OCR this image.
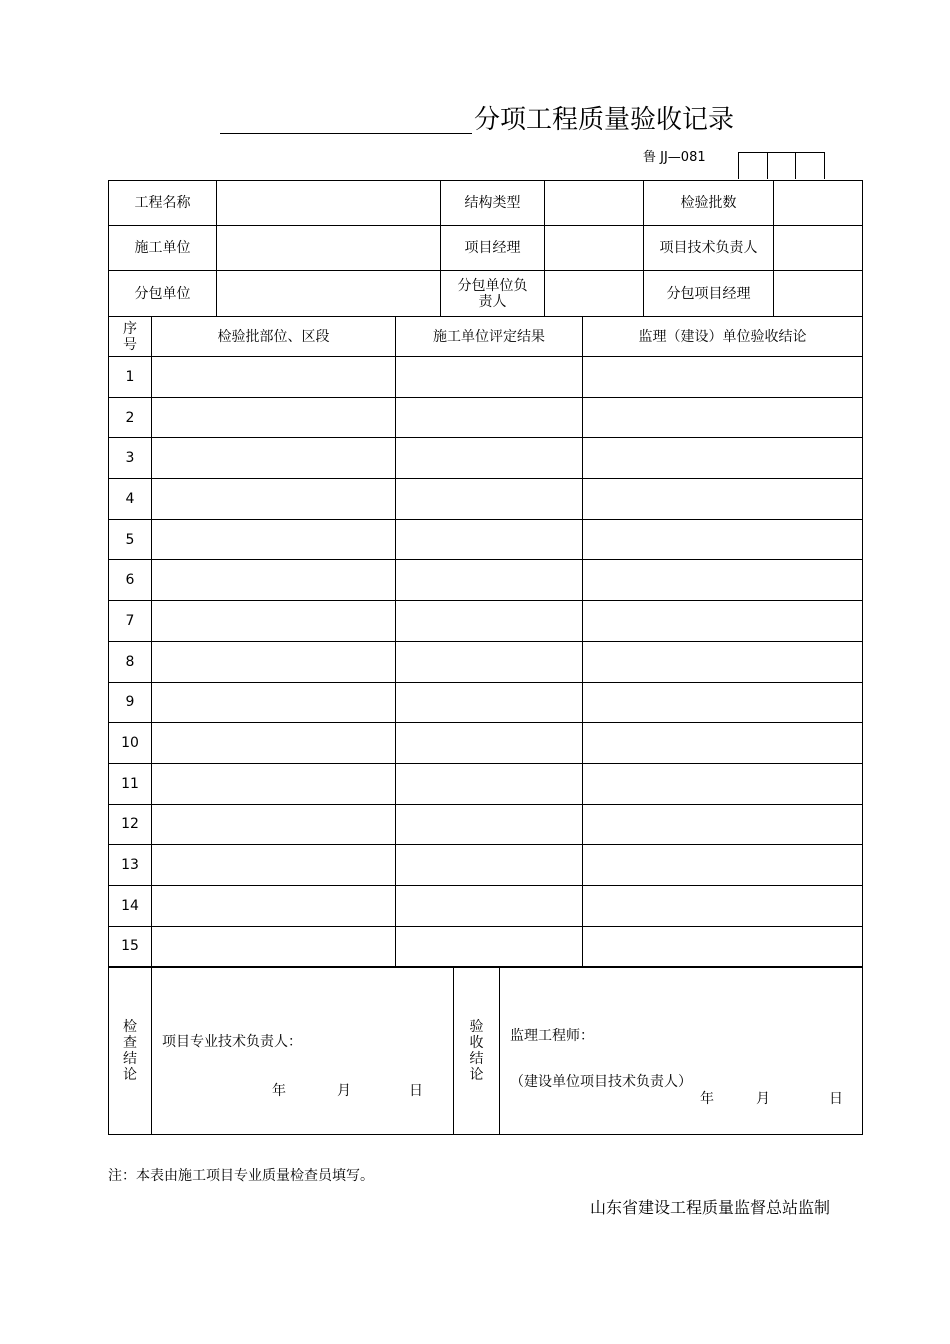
分项工程质量验收记录
鲁 JJ—081
工程名称		结构类型		检验批数	
施工单位		项目经理		项目技术负责人	
分包单位		分包单位负责人		分包项目经理	
序号	检验批部位、区段	施工单位评定结果	监理（建设）单位验收结论
1			
2			
3			
4			
5			
6			
7			
8			
9			
10			
11			
12			
13			
14			
15			
检查结论	
项目专业技术负责人：
年	月	日
	验收结论	
监理工程师：
（建设单位项目技术负责人）
年	月	日
注：本表由施工项目专业质量检查员填写。
山东省建设工程质量监督总站监制
